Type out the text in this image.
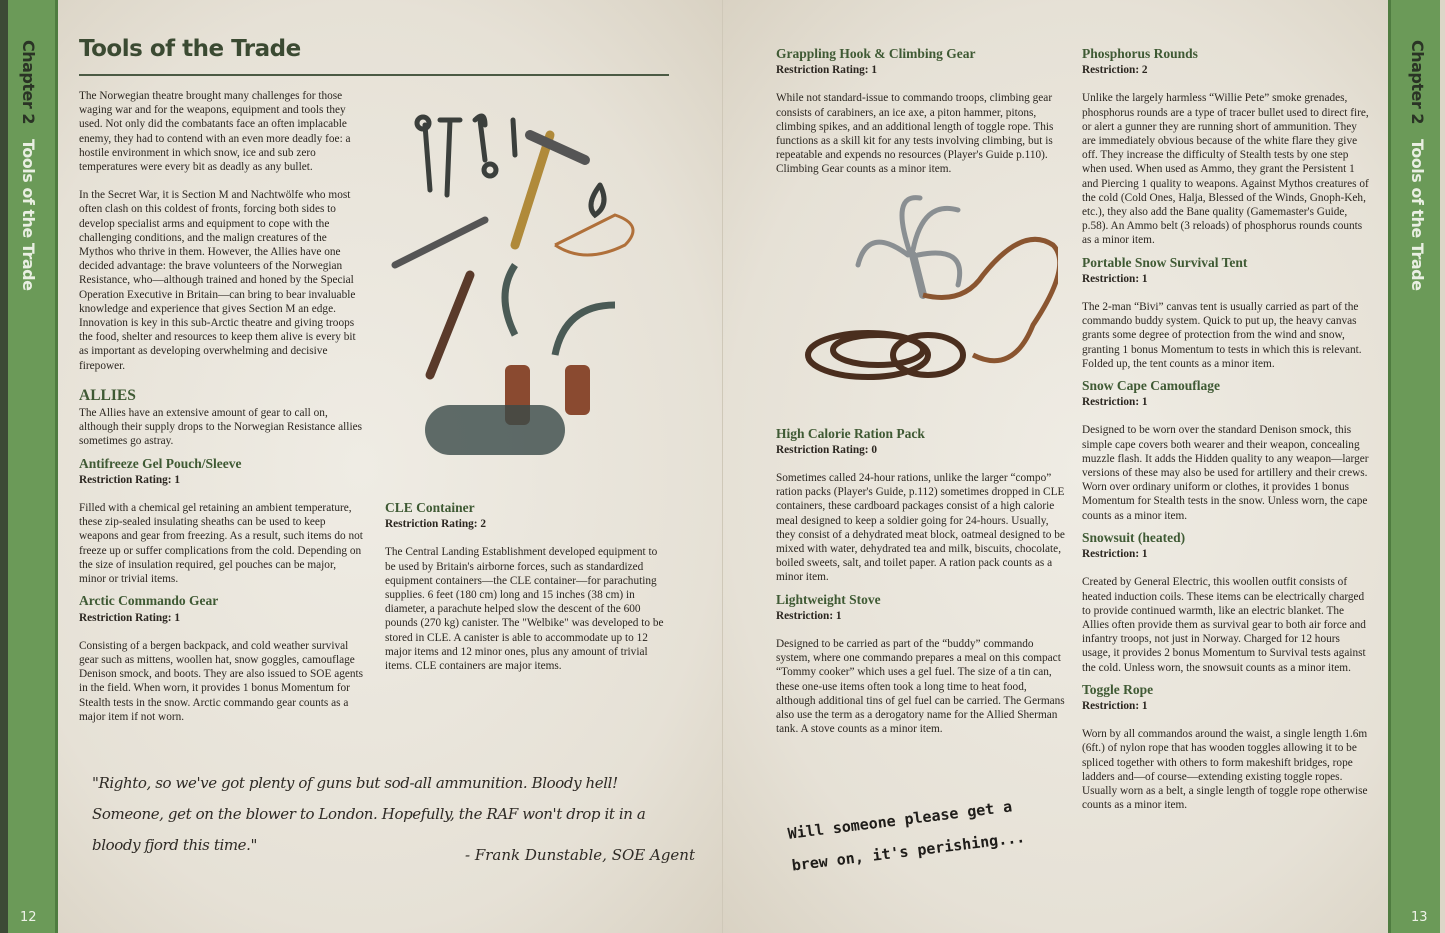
Chapter 2 Tools of the Trade
12
Tools of the Trade

The Norwegian theatre brought many challenges for those waging war and for the weapons, equipment and tools they used. Not only did the combatants face an often implacable enemy, they had to contend with an even more deadly foe: a hostile environment in which snow, ice and sub zero temperatures were every bit as deadly as any bullet.

In the Secret War, it is Section M and Nachtwölfe who most often clash on this coldest of fronts, forcing both sides to develop specialist arms and equipment to cope with the challenging conditions, and the malign creatures of the Mythos who thrive in them. However, the Allies have one decided advantage: the brave volunteers of the Norwegian Resistance, who—although trained and honed by the Special Operation Executive in Britain—can bring to bear invaluable knowledge and experience that gives Section M an edge. Innovation is key in this sub-Arctic theatre and giving troops the food, shelter and resources to keep them alive is every bit as important as developing overwhelming and decisive firepower.

ALLIES

The Allies have an extensive amount of gear to call on, although their supply drops to the Norwegian Resistance allies sometimes go astray.

Antifreeze Gel Pouch/Sleeve
Restriction Rating: 1

Filled with a chemical gel retaining an ambient temperature, these zip-sealed insulating sheaths can be used to keep weapons and gear from freezing. As a result, such items do not freeze up or suffer complications from the cold. Depending on the size of insulation required, gel pouches can be major, minor or trivial items.

Arctic Commando Gear
Restriction Rating: 1

Consisting of a bergen backpack, and cold weather survival gear such as mittens, woollen hat, snow goggles, camouflage Denison smock, and boots. They are also issued to SOE agents in the field. When worn, it provides 1 bonus Momentum for Stealth tests in the snow. Arctic commando gear counts as a major item if not worn.

CLE Container
Restriction Rating: 2

The Central Landing Establishment developed equipment to be used by Britain's airborne forces, such as standardized equipment containers—the CLE container—for parachuting supplies. 6 feet (180 cm) long and 15 inches (38 cm) in diameter, a parachute helped slow the descent of the 600 pounds (270 kg) canister. The "Welbike" was developed to be stored in CLE. A canister is able to accommodate up to 12 major items and 12 minor ones, plus any amount of trivial items. CLE containers are major items.

"Righto, so we've got plenty of guns but sod-all ammunition. Bloody hell! Someone, get on the blower to London. Hopefully, the RAF won't drop it in a bloody fjord this time."
- Frank Dunstable, SOE Agent
Grappling Hook & Climbing Gear
Restriction Rating: 1

While not standard-issue to commando troops, climbing gear consists of carabiners, an ice axe, a piton hammer, pitons, climbing spikes, and an additional length of toggle rope. This functions as a skill kit for any tests involving climbing, but is repeatable and expends no resources (Player's Guide p.110). Climbing Gear counts as a minor item.

High Calorie Ration Pack
Restriction Rating: 0

Sometimes called 24-hour rations, unlike the larger “compo” ration packs (Player's Guide, p.112) sometimes dropped in CLE containers, these cardboard packages consist of a high calorie meal designed to keep a soldier going for 24-hours. Usually, they consist of a dehydrated meat block, oatmeal designed to be mixed with water, dehydrated tea and milk, biscuits, chocolate, boiled sweets, salt, and toilet paper. A ration pack counts as a minor item.

Lightweight Stove
Restriction: 1

Designed to be carried as part of the “buddy” commando system, where one commando prepares a meal on this compact “Tommy cooker” which uses a gel fuel. The size of a tin can, these one-use items often took a long time to heat food, although additional tins of gel fuel can be carried. The Germans also use the term as a derogatory name for the Allied Sherman tank. A stove counts as a minor item.

Will someone please get a brew on, it's perishing...
Phosphorus Rounds
Restriction: 2

Unlike the largely harmless “Willie Pete” smoke grenades, phosphorus rounds are a type of tracer bullet used to direct fire, or alert a gunner they are running short of ammunition. They are immediately obvious because of the white flare they give off. They increase the difficulty of Stealth tests by one step when used. When used as Ammo, they grant the Persistent 1 and Piercing 1 quality to weapons. Against Mythos creatures of the cold (Cold Ones, Halja, Blessed of the Winds, Gnoph-Keh, etc.), they also add the Bane quality (Gamemaster's Guide, p.58). An Ammo belt (3 reloads) of phosphorus rounds counts as a minor item.

Portable Snow Survival Tent
Restriction: 1

The 2-man “Bivi” canvas tent is usually carried as part of the commando buddy system. Quick to put up, the heavy canvas grants some degree of protection from the wind and snow, granting 1 bonus Momentum to tests in which this is relevant. Folded up, the tent counts as a minor item.

Snow Cape Camouflage
Restriction: 1

Designed to be worn over the standard Denison smock, this simple cape covers both wearer and their weapon, concealing muzzle flash. It adds the Hidden quality to any weapon—larger versions of these may also be used for artillery and their crews. Worn over ordinary uniform or clothes, it provides 1 bonus Momentum for Stealth tests in the snow. Unless worn, the cape counts as a minor item.

Snowsuit (heated)
Restriction: 1

Created by General Electric, this woollen outfit consists of heated induction coils. These items can be electrically charged to provide continued warmth, like an electric blanket. The Allies often provide them as survival gear to both air force and infantry troops, not just in Norway. Charged for 12 hours usage, it provides 2 bonus Momentum to Survival tests against the cold. Unless worn, the snowsuit counts as a minor item.

Toggle Rope
Restriction: 1

Worn by all commandos around the waist, a single length 1.6m (6ft.) of nylon rope that has wooden toggles allowing it to be spliced together with others to form makeshift bridges, rope ladders and—of course—extending existing toggle ropes. Usually worn as a belt, a single length of toggle rope otherwise counts as a minor item.

Chapter 2 Tools of the Trade
13
